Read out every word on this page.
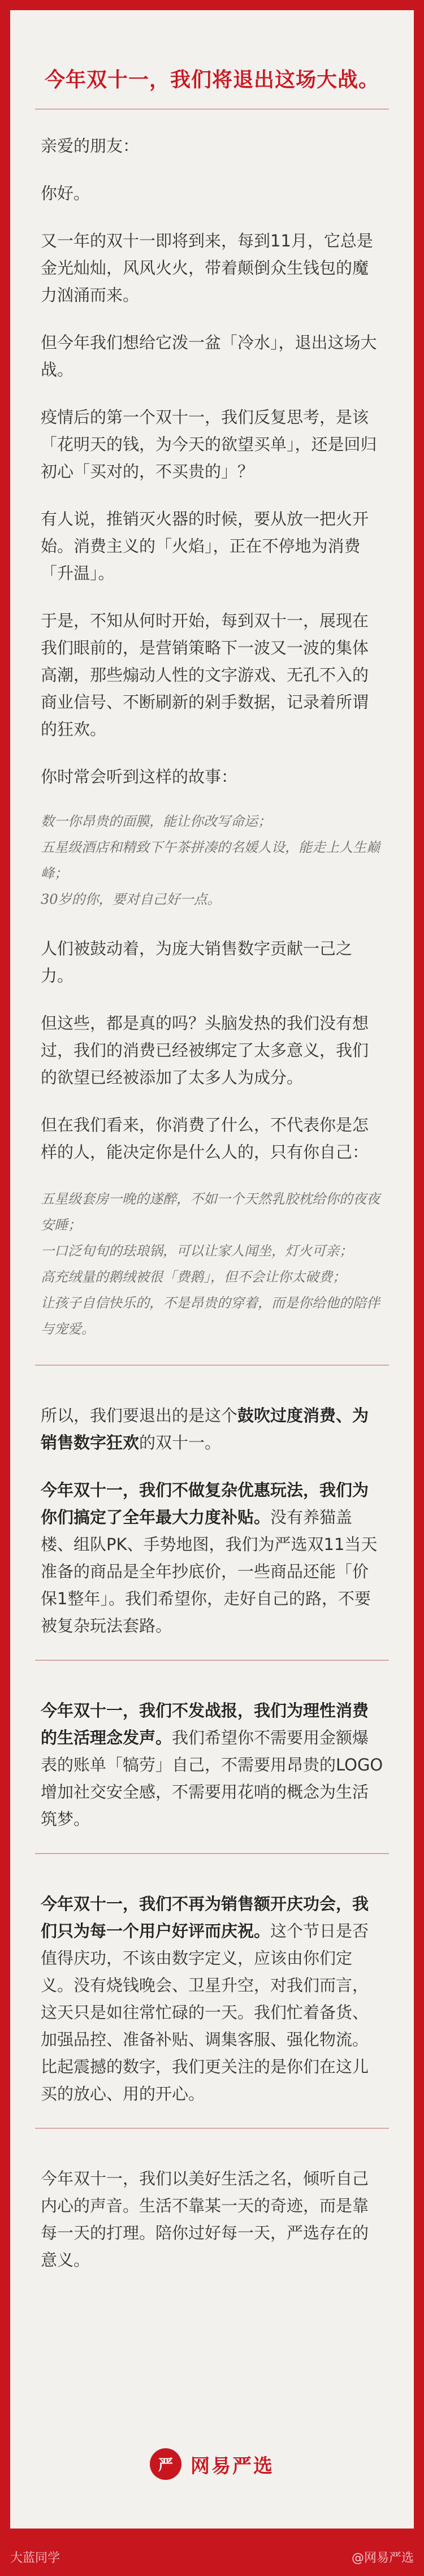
今年双十一，我们将退出这场大战。

亲爱的朋友：

你好。

又一年的双十一即将到来，每到11月，它总是金光灿灿，风风火火，带着颠倒众生钱包的魔力汹涌而来。

但今年我们想给它泼一盆「冷水」，退出这场大战。

疫情后的第一个双十一，我们反复思考，是该「花明天的钱，为今天的欲望买单」，还是回归初心「买对的，不买贵的」？

有人说，推销灭火器的时候，要从放一把火开始。消费主义的「火焰」，正在不停地为消费「升温」。

于是，不知从何时开始，每到双十一，展现在我们眼前的，是营销策略下一波又一波的集体高潮，那些煽动人性的文字游戏、无孔不入的商业信号、不断刷新的剁手数据，记录着所谓的狂欢。

你时常会听到这样的故事：

数一你昂贵的面膜，能让你改写命运；
五星级酒店和精致下午茶拼凑的名媛人设，能走上人生巅峰；
30岁的你，要对自己好一点。

人们被鼓动着，为庞大销售数字贡献一己之力。

但这些，都是真的吗？头脑发热的我们没有想过，我们的消费已经被绑定了太多意义，我们的欲望已经被添加了太多人为成分。

但在我们看来，你消费了什么，不代表你是怎样的人，能决定你是什么人的，只有你自己：

五星级套房一晚的遂醉，不如一个天然乳胶枕给你的夜夜安睡；
一口泛旬旬的珐琅锅，可以让家人闻坐，灯火可亲；
高充绒量的鹅绒被很「费鹅」，但不会让你太破费；
让孩子自信快乐的，不是昂贵的穿着，而是你给他的陪伴与宠爱。

所以，我们要退出的是这个鼓吹过度消费、为销售数字狂欢的双十一。

今年双十一，我们不做复杂优惠玩法，我们为你们搞定了全年最大力度补贴。没有养猫盖楼、组队PK、手势地图，我们为严选双11当天准备的商品是全年抄底价，一些商品还能「价保1整年」。我们希望你，走好自己的路，不要被复杂玩法套路。

今年双十一，我们不发战报，我们为理性消费的生活理念发声。我们希望你不需要用金额爆表的账单「犒劳」自己，不需要用昂贵的LOGO增加社交安全感，不需要用花哨的概念为生活筑梦。

今年双十一，我们不再为销售额开庆功会，我们只为每一个用户好评而庆祝。这个节日是否值得庆功，不该由数字定义，应该由你们定义。没有烧钱晚会、卫星升空，对我们而言，这天只是如往常忙碌的一天。我们忙着备货、加强品控、准备补贴、调集客服、强化物流。比起震撼的数字，我们更关注的是你们在这儿买的放心、用的开心。

今年双十一，我们以美好生活之名，倾听自己内心的声音。生活不靠某一天的奇迹，而是靠每一天的打理。陪你过好每一天，严选存在的意义。

严 网易严选
大蓝同学	@网易严选
